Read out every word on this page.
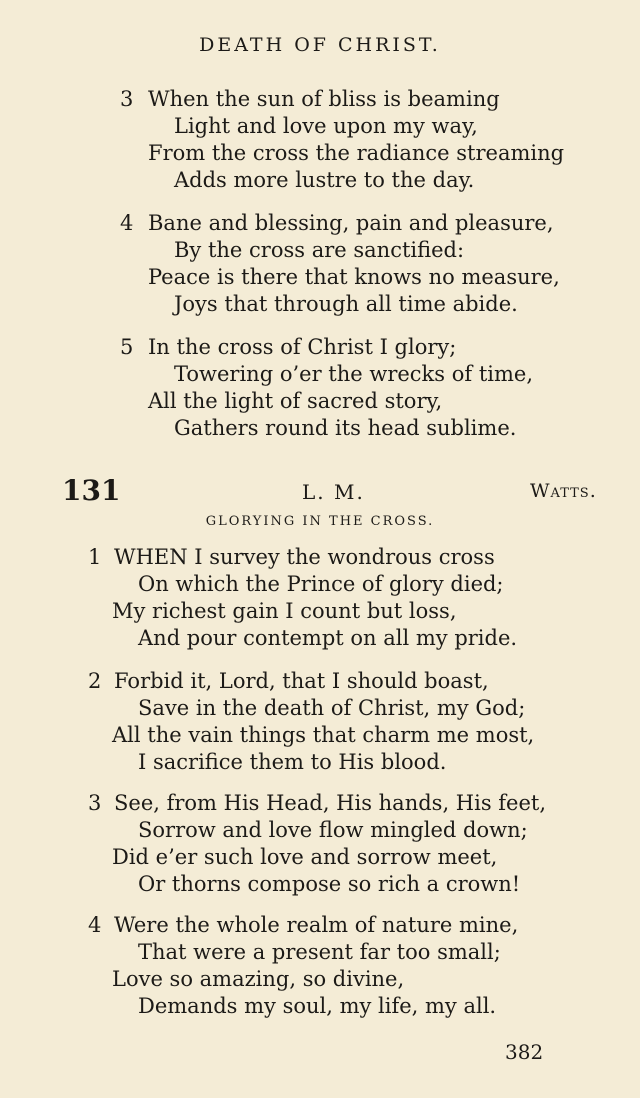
DEATH OF CHRIST.
3 When the sun of bliss is beaming
Light and love upon my way,
From the cross the radiance streaming
Adds more lustre to the day.
4 Bane and blessing, pain and pleasure,
By the cross are sanctified:
Peace is there that knows no measure,
Joys that through all time abide.
5 In the cross of Christ I glory;
Towering o’er the wrecks of time,
All the light of sacred story,
Gathers round its head sublime.
131	L. M.	Watts.
GLORYING IN THE CROSS.
1 WHEN I survey the wondrous cross
On which the Prince of glory died;
My richest gain I count but loss,
And pour contempt on all my pride.
2 Forbid it, Lord, that I should boast,
Save in the death of Christ, my God;
All the vain things that charm me most,
I sacrifice them to His blood.
3 See, from His Head, His hands, His feet,
Sorrow and love flow mingled down;
Did e’er such love and sorrow meet,
Or thorns compose so rich a crown!
4 Were the whole realm of nature mine,
That were a present far too small;
Love so amazing, so divine,
Demands my soul, my life, my all.
382
